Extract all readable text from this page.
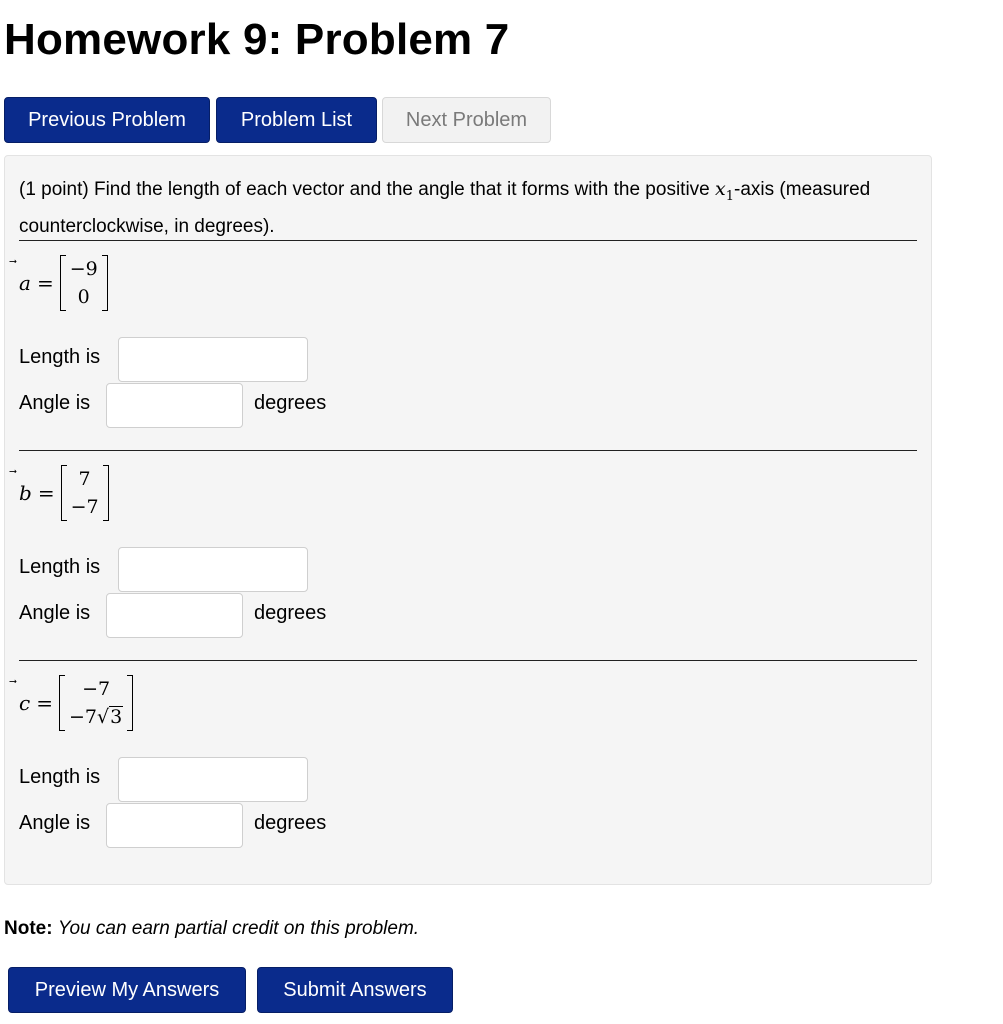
Homework 9: Problem 7
Previous Problem	Problem List	Next Problem
(1 point) Find the length of each vector and the angle that it forms with the positive $x_1$-axis (measured counterclockwise, in degrees).
a =
−9
0
Length is
Angle is	degrees
b =
7
−7
Length is
Angle is	degrees
c =
−7
−7√3
Length is
Angle is	degrees
Note: You can earn partial credit on this problem.
Preview My Answers	Submit Answers
